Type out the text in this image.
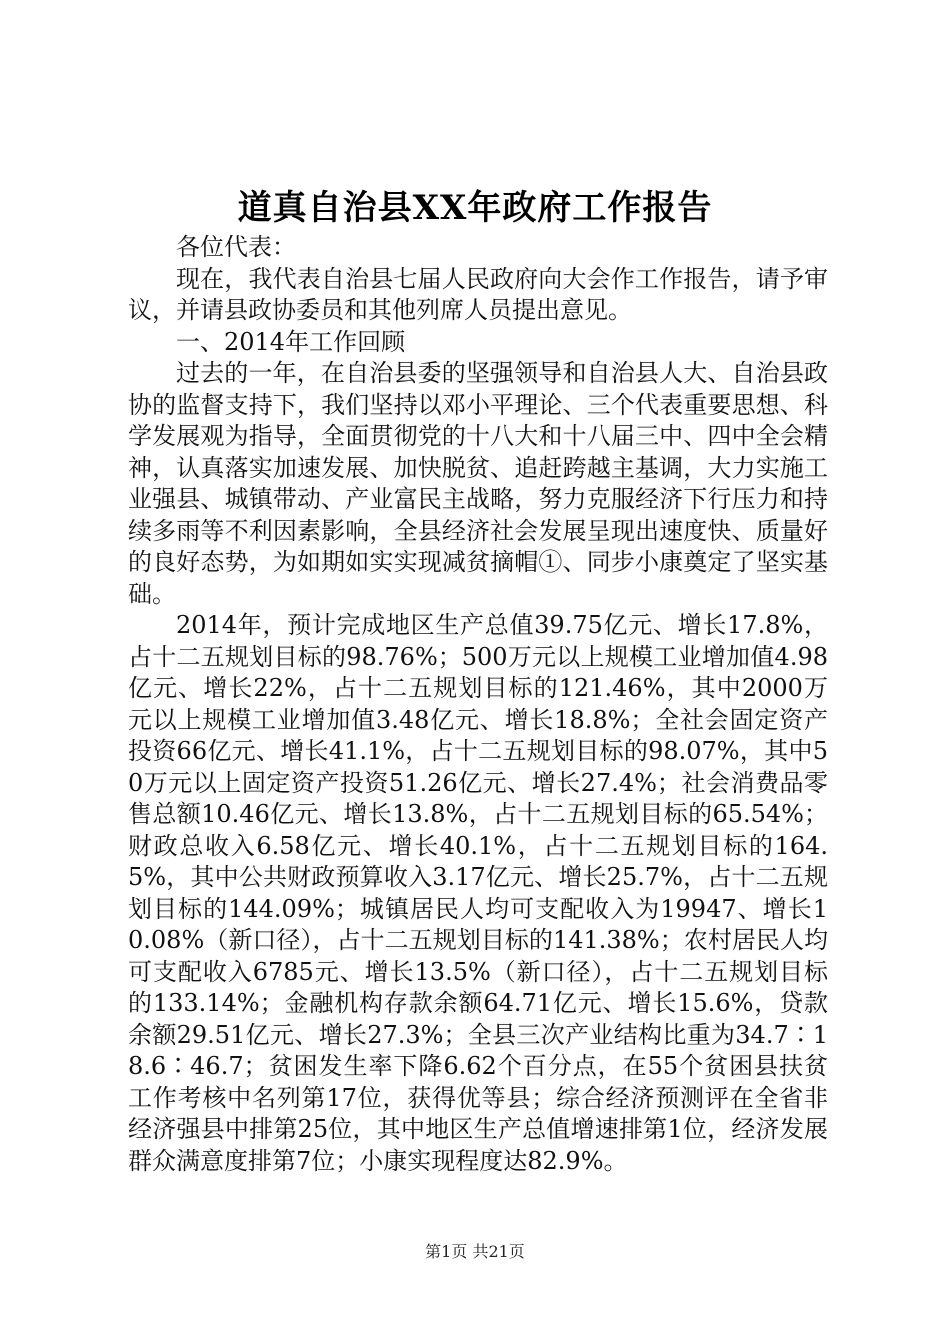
道真自治县XX年政府工作报告

各位代表：

现在，我代表自治县七届人民政府向大会作工作报告，请予审议，并请县政协委员和其他列席人员提出意见。

一、2014年工作回顾

过去的一年，在自治县委的坚强领导和自治县人大、自治县政协的监督支持下，我们坚持以邓小平理论、三个代表重要思想、科学发展观为指导，全面贯彻党的十八大和十八届三中、四中全会精神，认真落实加速发展、加快脱贫、追赶跨越主基调，大力实施工业强县、城镇带动、产业富民主战略，努力克服经济下行压力和持续多雨等不利因素影响，全县经济社会发展呈现出速度快、质量好的良好态势，为如期如实实现减贫摘帽①、同步小康奠定了坚实基础。

2014年，预计完成地区生产总值39.75亿元、增长17.8%，占十二五规划目标的98.76%；500万元以上规模工业增加值4.98亿元、增长22%，占十二五规划目标的121.46%，其中2000万元以上规模工业增加值3.48亿元、增长18.8%；全社会固定资产投资66亿元、增长41.1%，占十二五规划目标的98.07%，其中50万元以上固定资产投资51.26亿元、增长27.4%；社会消费品零售总额10.46亿元、增长13.8%，占十二五规划目标的65.54%；财政总收入6.58亿元、增长40.1%，占十二五规划目标的164.5%，其中公共财政预算收入3.17亿元、增长25.7%，占十二五规划目标的144.09%；城镇居民人均可支配收入为19947、增长10.08%（新口径），占十二五规划目标的141.38%；农村居民人均可支配收入6785元、增长13.5%（新口径），占十二五规划目标的133.14%；金融机构存款余额64.71亿元、增长15.6%，贷款余额29.51亿元、增长27.3%；全县三次产业结构比重为34.7∶18.6∶46.7；贫困发生率下降6.62个百分点，在55个贫困县扶贫工作考核中名列第17位，获得优等县；综合经济预测评在全省非经济强县中排第25位，其中地区生产总值增速排第1位，经济发展群众满意度排第7位；小康实现程度达82.9%。

第1页 共21页
